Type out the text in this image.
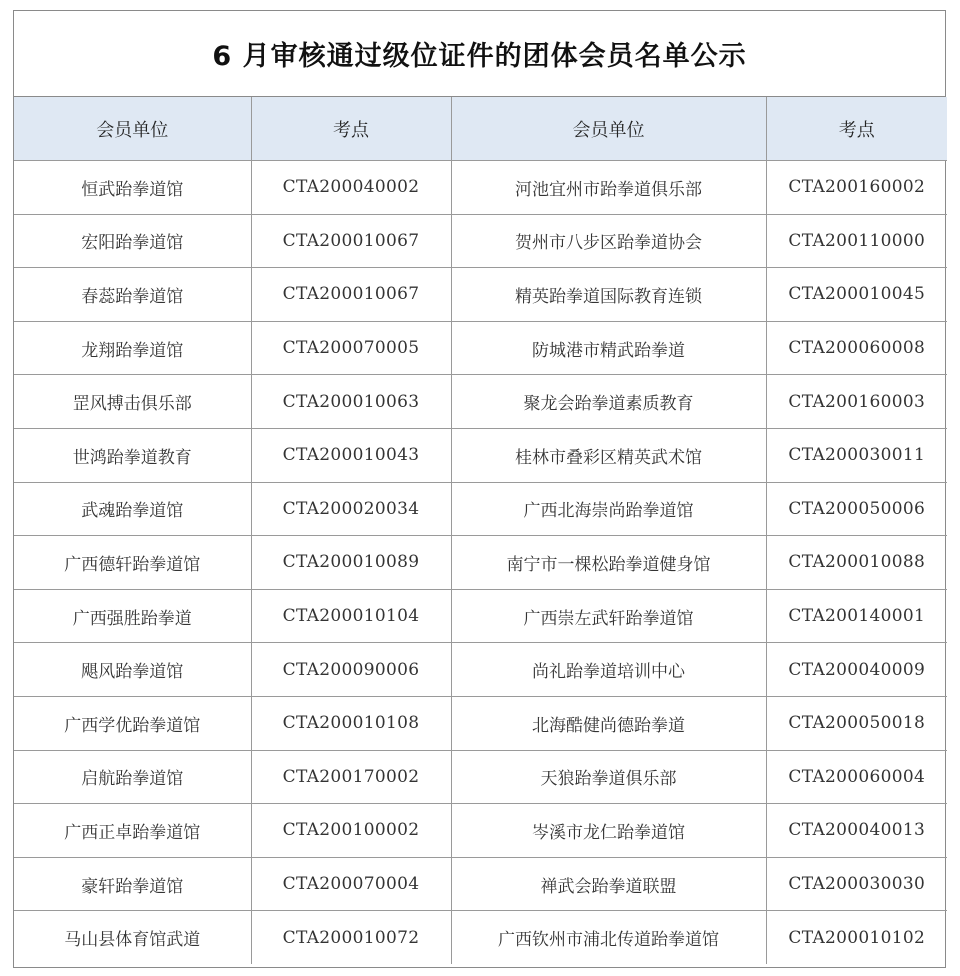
6 月审核通过级位证件的团体会员名单公示
会员单位	考点	会员单位	考点
恒武跆拳道馆	CTA200040002	河池宜州市跆拳道俱乐部	CTA200160002
宏阳跆拳道馆	CTA200010067	贺州市八步区跆拳道协会	CTA200110000
春蕊跆拳道馆	CTA200010067	精英跆拳道国际教育连锁	CTA200010045
龙翔跆拳道馆	CTA200070005	防城港市精武跆拳道	CTA200060008
罡风搏击俱乐部	CTA200010063	聚龙会跆拳道素质教育	CTA200160003
世鸿跆拳道教育	CTA200010043	桂林市叠彩区精英武术馆	CTA200030011
武魂跆拳道馆	CTA200020034	广西北海崇尚跆拳道馆	CTA200050006
广西德轩跆拳道馆	CTA200010089	南宁市一棵松跆拳道健身馆	CTA200010088
广西强胜跆拳道	CTA200010104	广西崇左武轩跆拳道馆	CTA200140001
飓风跆拳道馆	CTA200090006	尚礼跆拳道培训中心	CTA200040009
广西学优跆拳道馆	CTA200010108	北海酷健尚德跆拳道	CTA200050018
启航跆拳道馆	CTA200170002	天狼跆拳道俱乐部	CTA200060004
广西正卓跆拳道馆	CTA200100002	岑溪市龙仁跆拳道馆	CTA200040013
豪轩跆拳道馆	CTA200070004	禅武会跆拳道联盟	CTA200030030
马山县体育馆武道	CTA200010072	广西钦州市浦北传道跆拳道馆	CTA200010102
